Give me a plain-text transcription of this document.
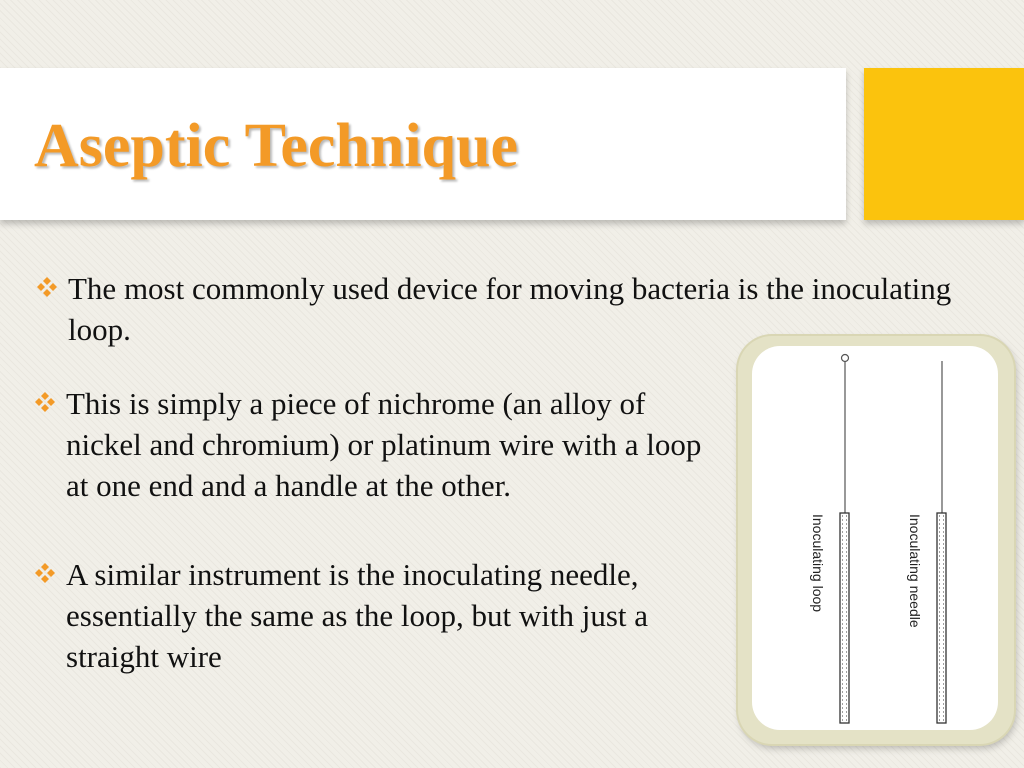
Aseptic Technique
The most commonly used device for moving bacteria is the inoculating loop.
This is simply a piece of nichrome (an alloy of nickel and chromium) or platinum wire with a loop at one end and a handle at the other.
A similar instrument is the inoculating needle, essentially the same as the loop, but with just a straight wire
Inoculating loop	Inoculating needle
